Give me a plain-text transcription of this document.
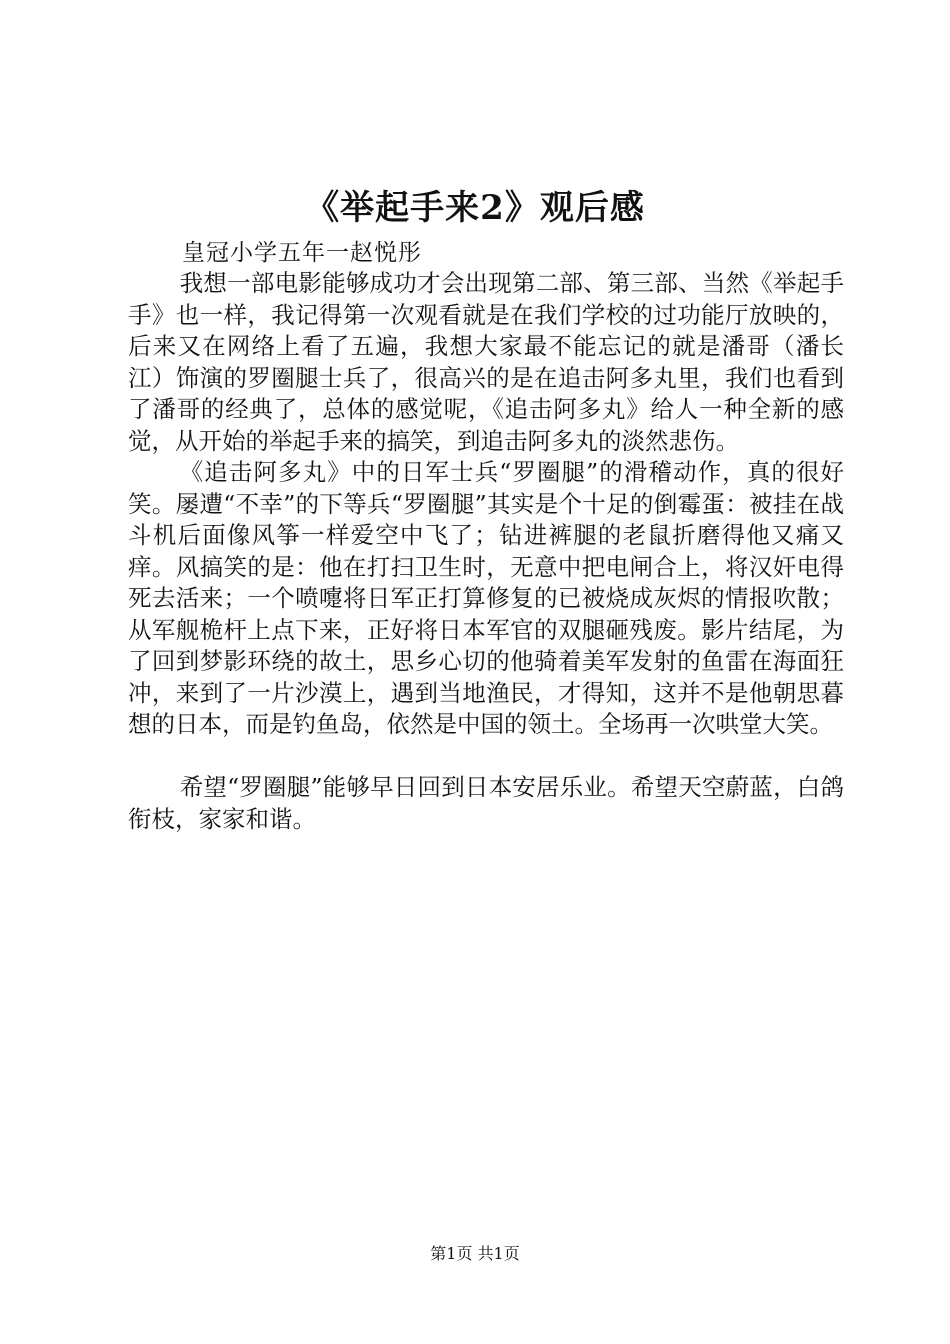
《举起手来2》观后感
皇冠小学五年一赵悦彤

我想一部电影能够成功才会出现第二部、第三部、当然《举起手手》也一样，我记得第一次观看就是在我们学校的过功能厅放映的，后来又在网络上看了五遍，我想大家最不能忘记的就是潘哥（潘长江）饰演的罗圈腿士兵了，很高兴的是在追击阿多丸里，我们也看到了潘哥的经典了，总体的感觉呢，《追击阿多丸》给人一种全新的感觉，从开始的举起手来的搞笑，到追击阿多丸的淡然悲伤。

《追击阿多丸》中的日军士兵“罗圈腿”的滑稽动作，真的很好笑。屡遭“不幸”的下等兵“罗圈腿”其实是个十足的倒霉蛋：被挂在战斗机后面像风筝一样爱空中飞了；钻进裤腿的老鼠折磨得他又痛又痒。风搞笑的是：他在打扫卫生时，无意中把电闸合上，将汉奸电得死去活来；一个喷嚏将日军正打算修复的已被烧成灰烬的情报吹散；从军舰桅杆上点下来，正好将日本军官的双腿砸残废。影片结尾，为了回到梦影环绕的故土，思乡心切的他骑着美军发射的鱼雷在海面狂冲，来到了一片沙漠上，遇到当地渔民，才得知，这并不是他朝思暮想的日本，而是钓鱼岛，依然是中国的领土。全场再一次哄堂大笑。

希望“罗圈腿”能够早日回到日本安居乐业。希望天空蔚蓝，白鸽衔枝，家家和谐。

第1页 共1页
